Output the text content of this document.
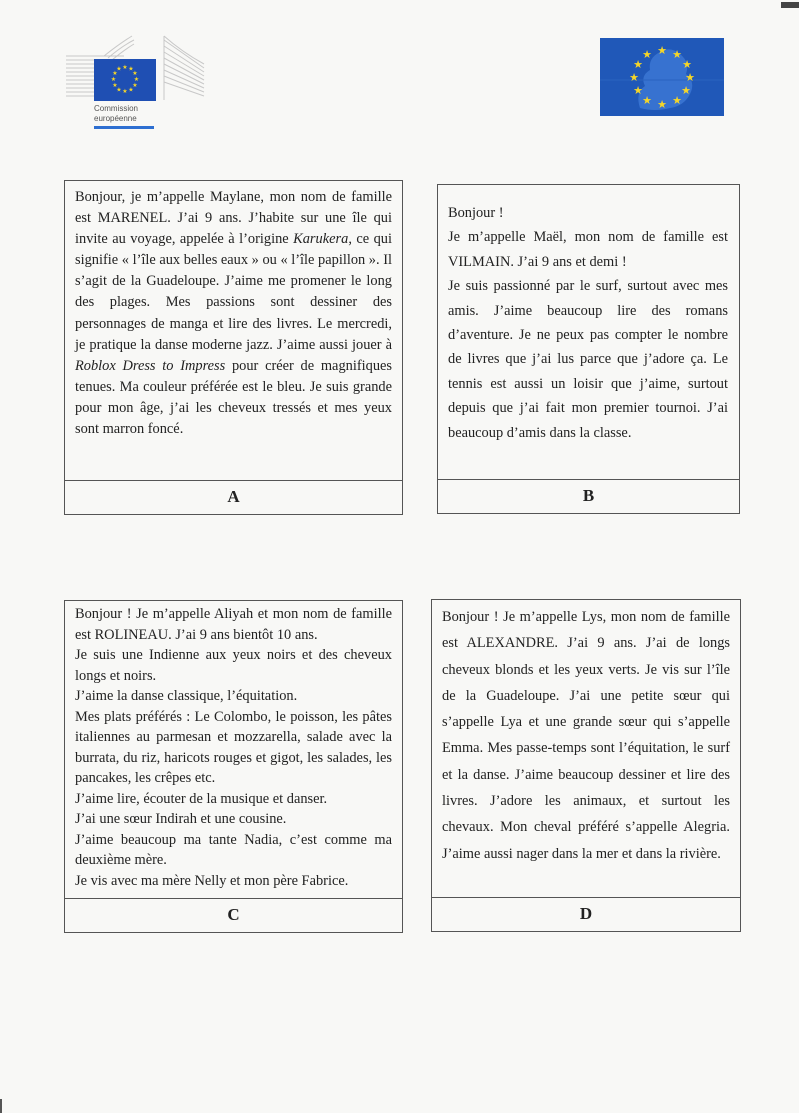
★ ★
★
★
★
★
★
★
★
★
★
★
Commission
européenne
★ ★
★
★
★
★
★
★
★
★
★
★

Bonjour, je m’appelle Maylane, mon nom de famille est MARENEL. J’ai 9 ans. J’habite sur une île qui invite au voyage, appelée à l’origine Karukera, ce qui signifie « l’île aux belles eaux » ou « l’île papillon ». Il s’agit de la Guadeloupe. J’aime me promener le long des plages. Mes passions sont dessiner des personnages de manga et lire des livres. Le mercredi, je pratique la danse moderne jazz. J’aime aussi jouer à Roblox Dress to Impress pour créer de magnifiques tenues. Ma couleur préférée est le bleu. Je suis grande pour mon âge, j’ai les cheveux tressés et mes yeux sont marron foncé.

A

Bonjour !

Je m’appelle Maël, mon nom de famille est VILMAIN. J’ai 9 ans et demi !

Je suis passionné par le surf, surtout avec mes amis. J’aime beaucoup lire des romans d’aventure. Je ne peux pas compter le nombre de livres que j’ai lus parce que j’adore ça. Le tennis est aussi un loisir que j’aime, surtout depuis que j’ai fait mon premier tournoi. J’ai beaucoup d’amis dans la classe.

B

Bonjour ! Je m’appelle Aliyah et mon nom de famille est ROLINEAU. J’ai 9 ans bientôt 10 ans.

Je suis une Indienne aux yeux noirs et des cheveux longs et noirs.

J’aime la danse classique, l’équitation.

Mes plats préférés : Le Colombo, le poisson, les pâtes italiennes au parmesan et mozzarella, salade avec la burrata, du riz, haricots rouges et gigot, les salades, les pancakes, les crêpes etc.

J’aime lire, écouter de la musique et danser.

J’ai une sœur Indirah et une cousine.

J’aime beaucoup ma tante Nadia, c’est comme ma deuxième mère.

Je vis avec ma mère Nelly et mon père Fabrice.

C

Bonjour ! Je m’appelle Lys, mon nom de famille est ALEXANDRE. J’ai 9 ans. J’ai de longs cheveux blonds et les yeux verts. Je vis sur l’île de la Guadeloupe. J’ai une petite sœur qui s’appelle Lya et une grande sœur qui s’appelle Emma. Mes passe-temps sont l’équitation, le surf et la danse. J’aime beaucoup dessiner et lire des livres. J’adore les animaux, et surtout les chevaux. Mon cheval préféré s’appelle Alegria. J’aime aussi nager dans la mer et dans la rivière.

D
